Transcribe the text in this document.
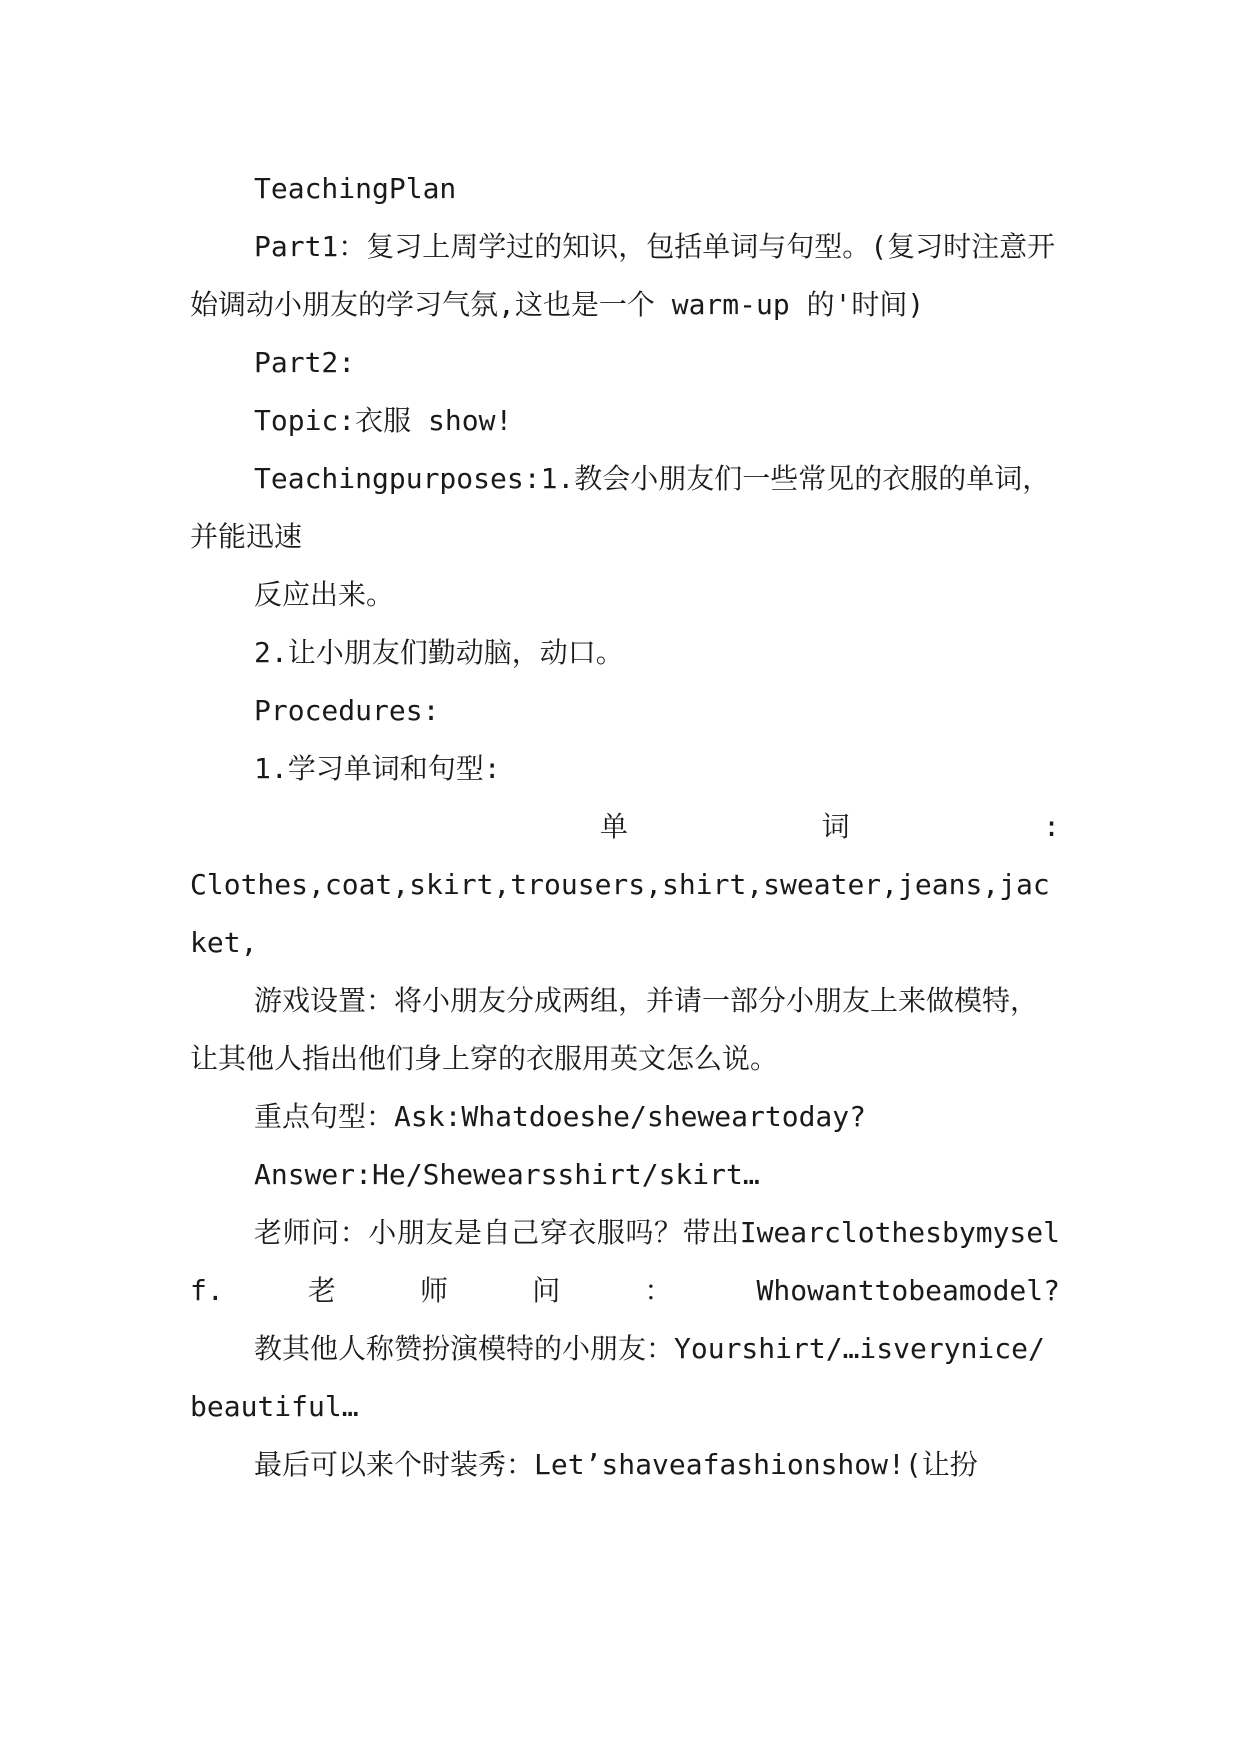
TeachingPlan

Part1：复习上周学过的知识，包括单词与句型。(复习时注意开始调动小朋友的学习气氛,这也是一个 warm-up 的'时间)

Part2:

Topic:衣服 show!

Teachingpurposes:1.教会小朋友们一些常见的衣服的单词，并能迅速

反应出来。

2.让小朋友们勤动脑，动口。

Procedures:

1.学习单词和句型:

单	词	:

Clothes,coat,skirt,trousers,shirt,sweater,jeans,jacket,

游戏设置：将小朋友分成两组，并请一部分小朋友上来做模特，让其他人指出他们身上穿的衣服用英文怎么说。

重点句型：Ask:Whatdoeshe/sheweartoday?

Answer:He/Shewearsshirt/skirt…

老师问：小朋友是自己穿衣服吗？带出Iwearclothesbymyself.老师问：Whowanttobeamodel?

教其他人称赞扮演模特的小朋友：Yourshirt/…isverynice/beautiful…

最后可以来个时装秀：Let’shaveafashionshow!(让扮
